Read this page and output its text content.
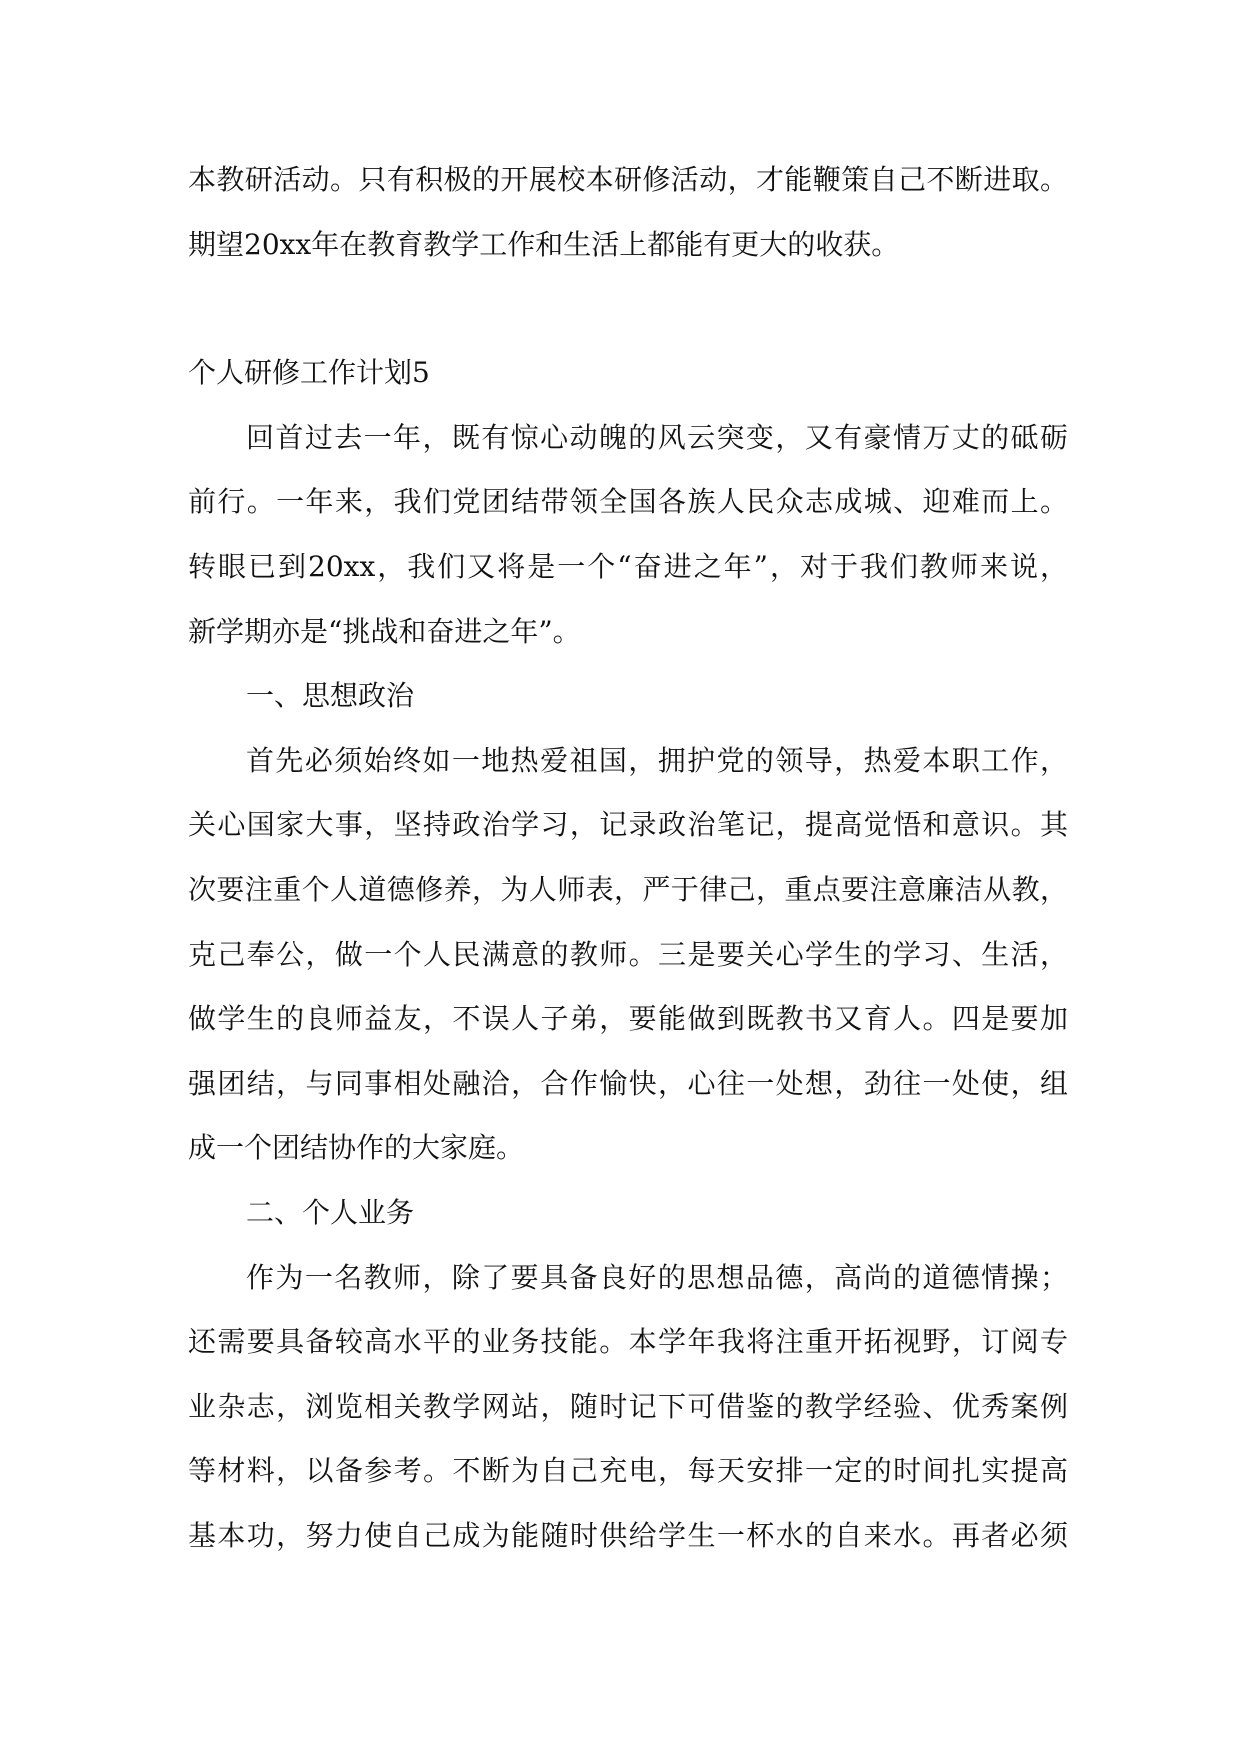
本教研活动。只有积极的开展校本研修活动，才能鞭策自己不断进取。
期望20xx年在教育教学工作和生活上都能有更大的收获。
个人研修工作计划5
回首过去一年，既有惊心动魄的风云突变，又有豪情万丈的砥砺
前行。一年来，我们党团结带领全国各族人民众志成城、迎难而上。
转眼已到20xx，我们又将是一个“奋进之年”，对于我们教师来说，
新学期亦是“挑战和奋进之年”。
一、思想政治
首先必须始终如一地热爱祖国，拥护党的领导，热爱本职工作，
关心国家大事，坚持政治学习，记录政治笔记，提高觉悟和意识。其
次要注重个人道德修养，为人师表，严于律己，重点要注意廉洁从教，
克己奉公，做一个人民满意的教师。三是要关心学生的学习、生活，
做学生的良师益友，不误人子弟，要能做到既教书又育人。四是要加
强团结，与同事相处融洽，合作愉快，心往一处想，劲往一处使，组
成一个团结协作的大家庭。
二、个人业务
作为一名教师，除了要具备良好的思想品德，高尚的道德情操；
还需要具备较高水平的业务技能。本学年我将注重开拓视野，订阅专
业杂志，浏览相关教学网站，随时记下可借鉴的教学经验、优秀案例
等材料，以备参考。不断为自己充电，每天安排一定的时间扎实提高
基本功，努力使自己成为能随时供给学生一杯水的自来水。再者必须
